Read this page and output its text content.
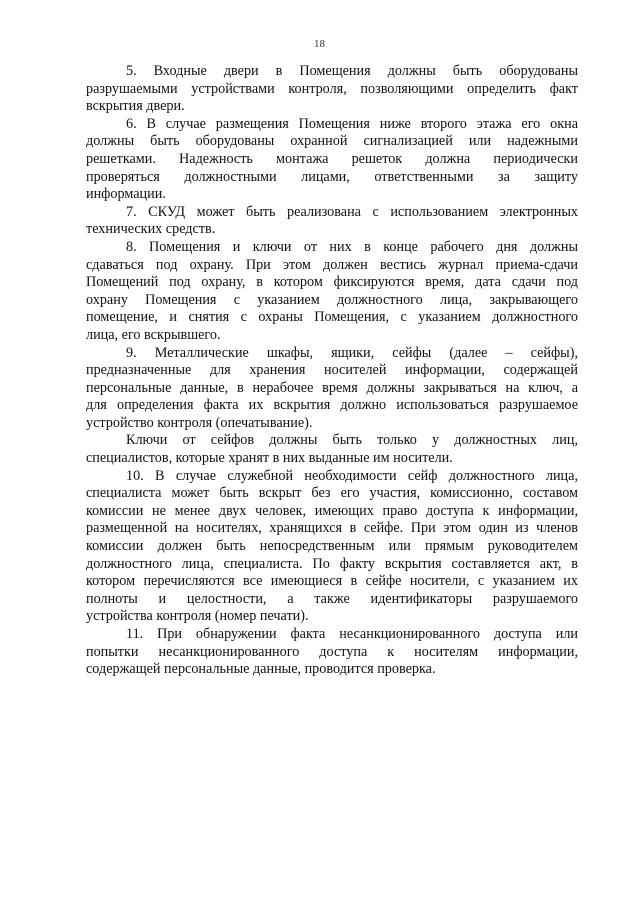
18
5. Входные двери в Помещения должны быть оборудованы
разрушаемыми устройствами контроля, позволяющими определить факт
вскрытия двери.
6. В случае размещения Помещения ниже второго этажа его окна
должны быть оборудованы охранной сигнализацией или надежными
решетками. Надежность монтажа решеток должна периодически
проверяться должностными лицами, ответственными за защиту
информации.
7. СКУД может быть реализована с использованием электронных
технических средств.
8. Помещения и ключи от них в конце рабочего дня должны
сдаваться под охрану. При этом должен вестись журнал приема-сдачи
Помещений под охрану, в котором фиксируются время, дата сдачи под
охрану Помещения с указанием должностного лица, закрывающего
помещение, и снятия с охраны Помещения, с указанием должностного
лица, его вскрывшего.
9. Металлические шкафы, ящики, сейфы (далее – сейфы),
предназначенные для хранения носителей информации, содержащей
персональные данные, в нерабочее время должны закрываться на ключ, а
для определения факта их вскрытия должно использоваться разрушаемое
устройство контроля (опечатывание).
Ключи от сейфов должны быть только у должностных лиц,
специалистов, которые хранят в них выданные им носители.
10. В случае служебной необходимости сейф должностного лица,
специалиста может быть вскрыт без его участия, комиссионно, составом
комиссии не менее двух человек, имеющих право доступа к информации,
размещенной на носителях, хранящихся в сейфе. При этом один из членов
комиссии должен быть непосредственным или прямым руководителем
должностного лица, специалиста. По факту вскрытия составляется акт, в
котором перечисляются все имеющиеся в сейфе носители, с указанием их
полноты и целостности, а также идентификаторы разрушаемого
устройства контроля (номер печати).
11. При обнаружении факта несанкционированного доступа или
попытки несанкционированного доступа к носителям информации,
содержащей персональные данные, проводится проверка.
